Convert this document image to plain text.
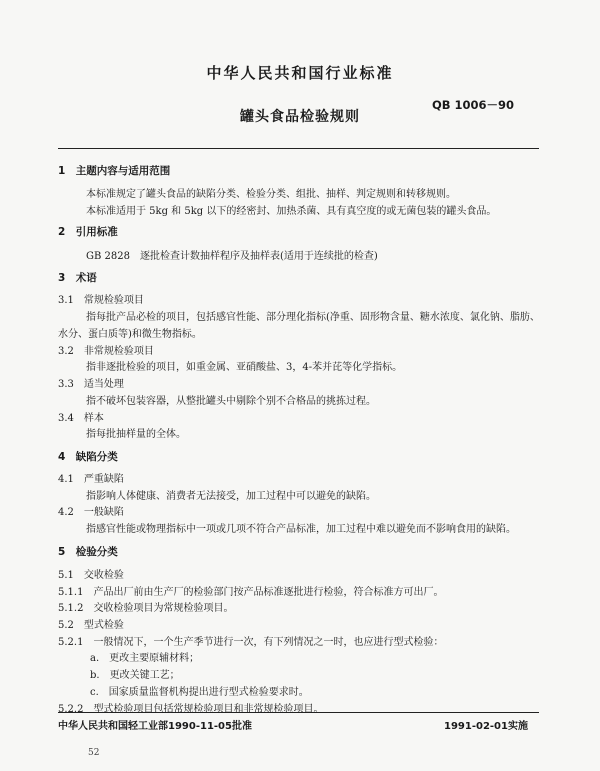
中华人民共和国行业标准
QB 1006－90
罐头食品检验规则
1　主题内容与适用范围
本标准规定了罐头食品的缺陷分类、检验分类、组批、抽样、判定规则和转移规则。
本标准适用于 5kg 和 5kg 以下的经密封、加热杀菌、具有真空度的或无菌包装的罐头食品。
2　引用标准
GB 2828　逐批检查计数抽样程序及抽样表(适用于连续批的检查)
3　术语
3.1　常规检验项目
指每批产品必检的项目，包括感官性能、部分理化指标(净重、固形物含量、糖水浓度、氯化钠、脂肪、
水分、蛋白质等)和微生物指标。
3.2　非常规检验项目
指非逐批检验的项目，如重金属、亚硝酸盐、3，4-苯并芘等化学指标。
3.3　适当处理
指不破坏包装容器，从整批罐头中剔除个别不合格品的挑拣过程。
3.4　样本
指每批抽样量的全体。
4　缺陷分类
4.1　严重缺陷
指影响人体健康、消费者无法接受，加工过程中可以避免的缺陷。
4.2　一般缺陷
指感官性能或物理指标中一项或几项不符合产品标准，加工过程中难以避免而不影响食用的缺陷。
5　检验分类
5.1　交收检验
5.1.1　产品出厂前由生产厂的检验部门按产品标准逐批进行检验，符合标准方可出厂。
5.1.2　交收检验项目为常规检验项目。
5.2　型式检验
5.2.1　一般情况下，一个生产季节进行一次，有下列情况之一时，也应进行型式检验：
a.　更改主要原辅材料；
b.　更改关键工艺；
c.　国家质量监督机构提出进行型式检验要求时。
5.2.2　型式检验项目包括常规检验项目和非常规检验项目。
中华人民共和国轻工业部1990-11-05批准	1991-02-01实施
52
